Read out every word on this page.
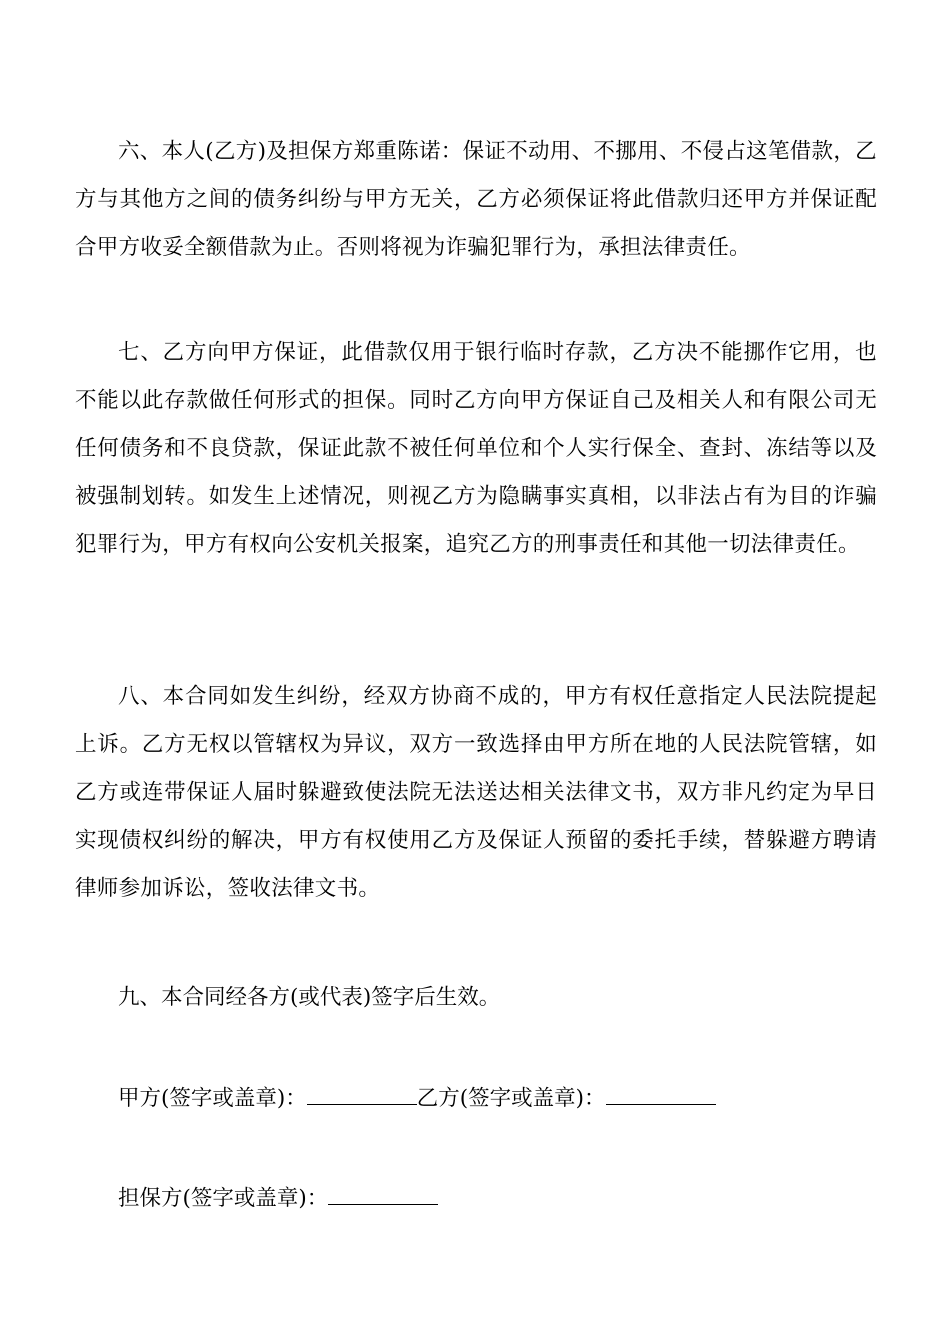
六、本人(乙方)及担保方郑重陈诺：保证不动用、不挪用、不侵占这笔借款，乙方与其他方之间的债务纠纷与甲方无关，乙方必须保证将此借款归还甲方并保证配合甲方收妥全额借款为止。否则将视为诈骗犯罪行为，承担法律责任。

七、乙方向甲方保证，此借款仅用于银行临时存款，乙方决不能挪作它用，也不能以此存款做任何形式的担保。同时乙方向甲方保证自己及相关人和有限公司无任何债务和不良贷款，保证此款不被任何单位和个人实行保全、查封、冻结等以及被强制划转。如发生上述情况，则视乙方为隐瞒事实真相，以非法占有为目的诈骗犯罪行为，甲方有权向公安机关报案，追究乙方的刑事责任和其他一切法律责任。

八、本合同如发生纠纷，经双方协商不成的，甲方有权任意指定人民法院提起上诉。乙方无权以管辖权为异议，双方一致选择由甲方所在地的人民法院管辖，如乙方或连带保证人届时躲避致使法院无法送达相关法律文书，双方非凡约定为早日实现债权纠纷的解决，甲方有权使用乙方及保证人预留的委托手续，替躲避方聘请律师参加诉讼，签收法律文书。

九、本合同经各方(或代表)签字后生效。

甲方(签字或盖章)：	乙方(签字或盖章)：
担保方(签字或盖章)：
